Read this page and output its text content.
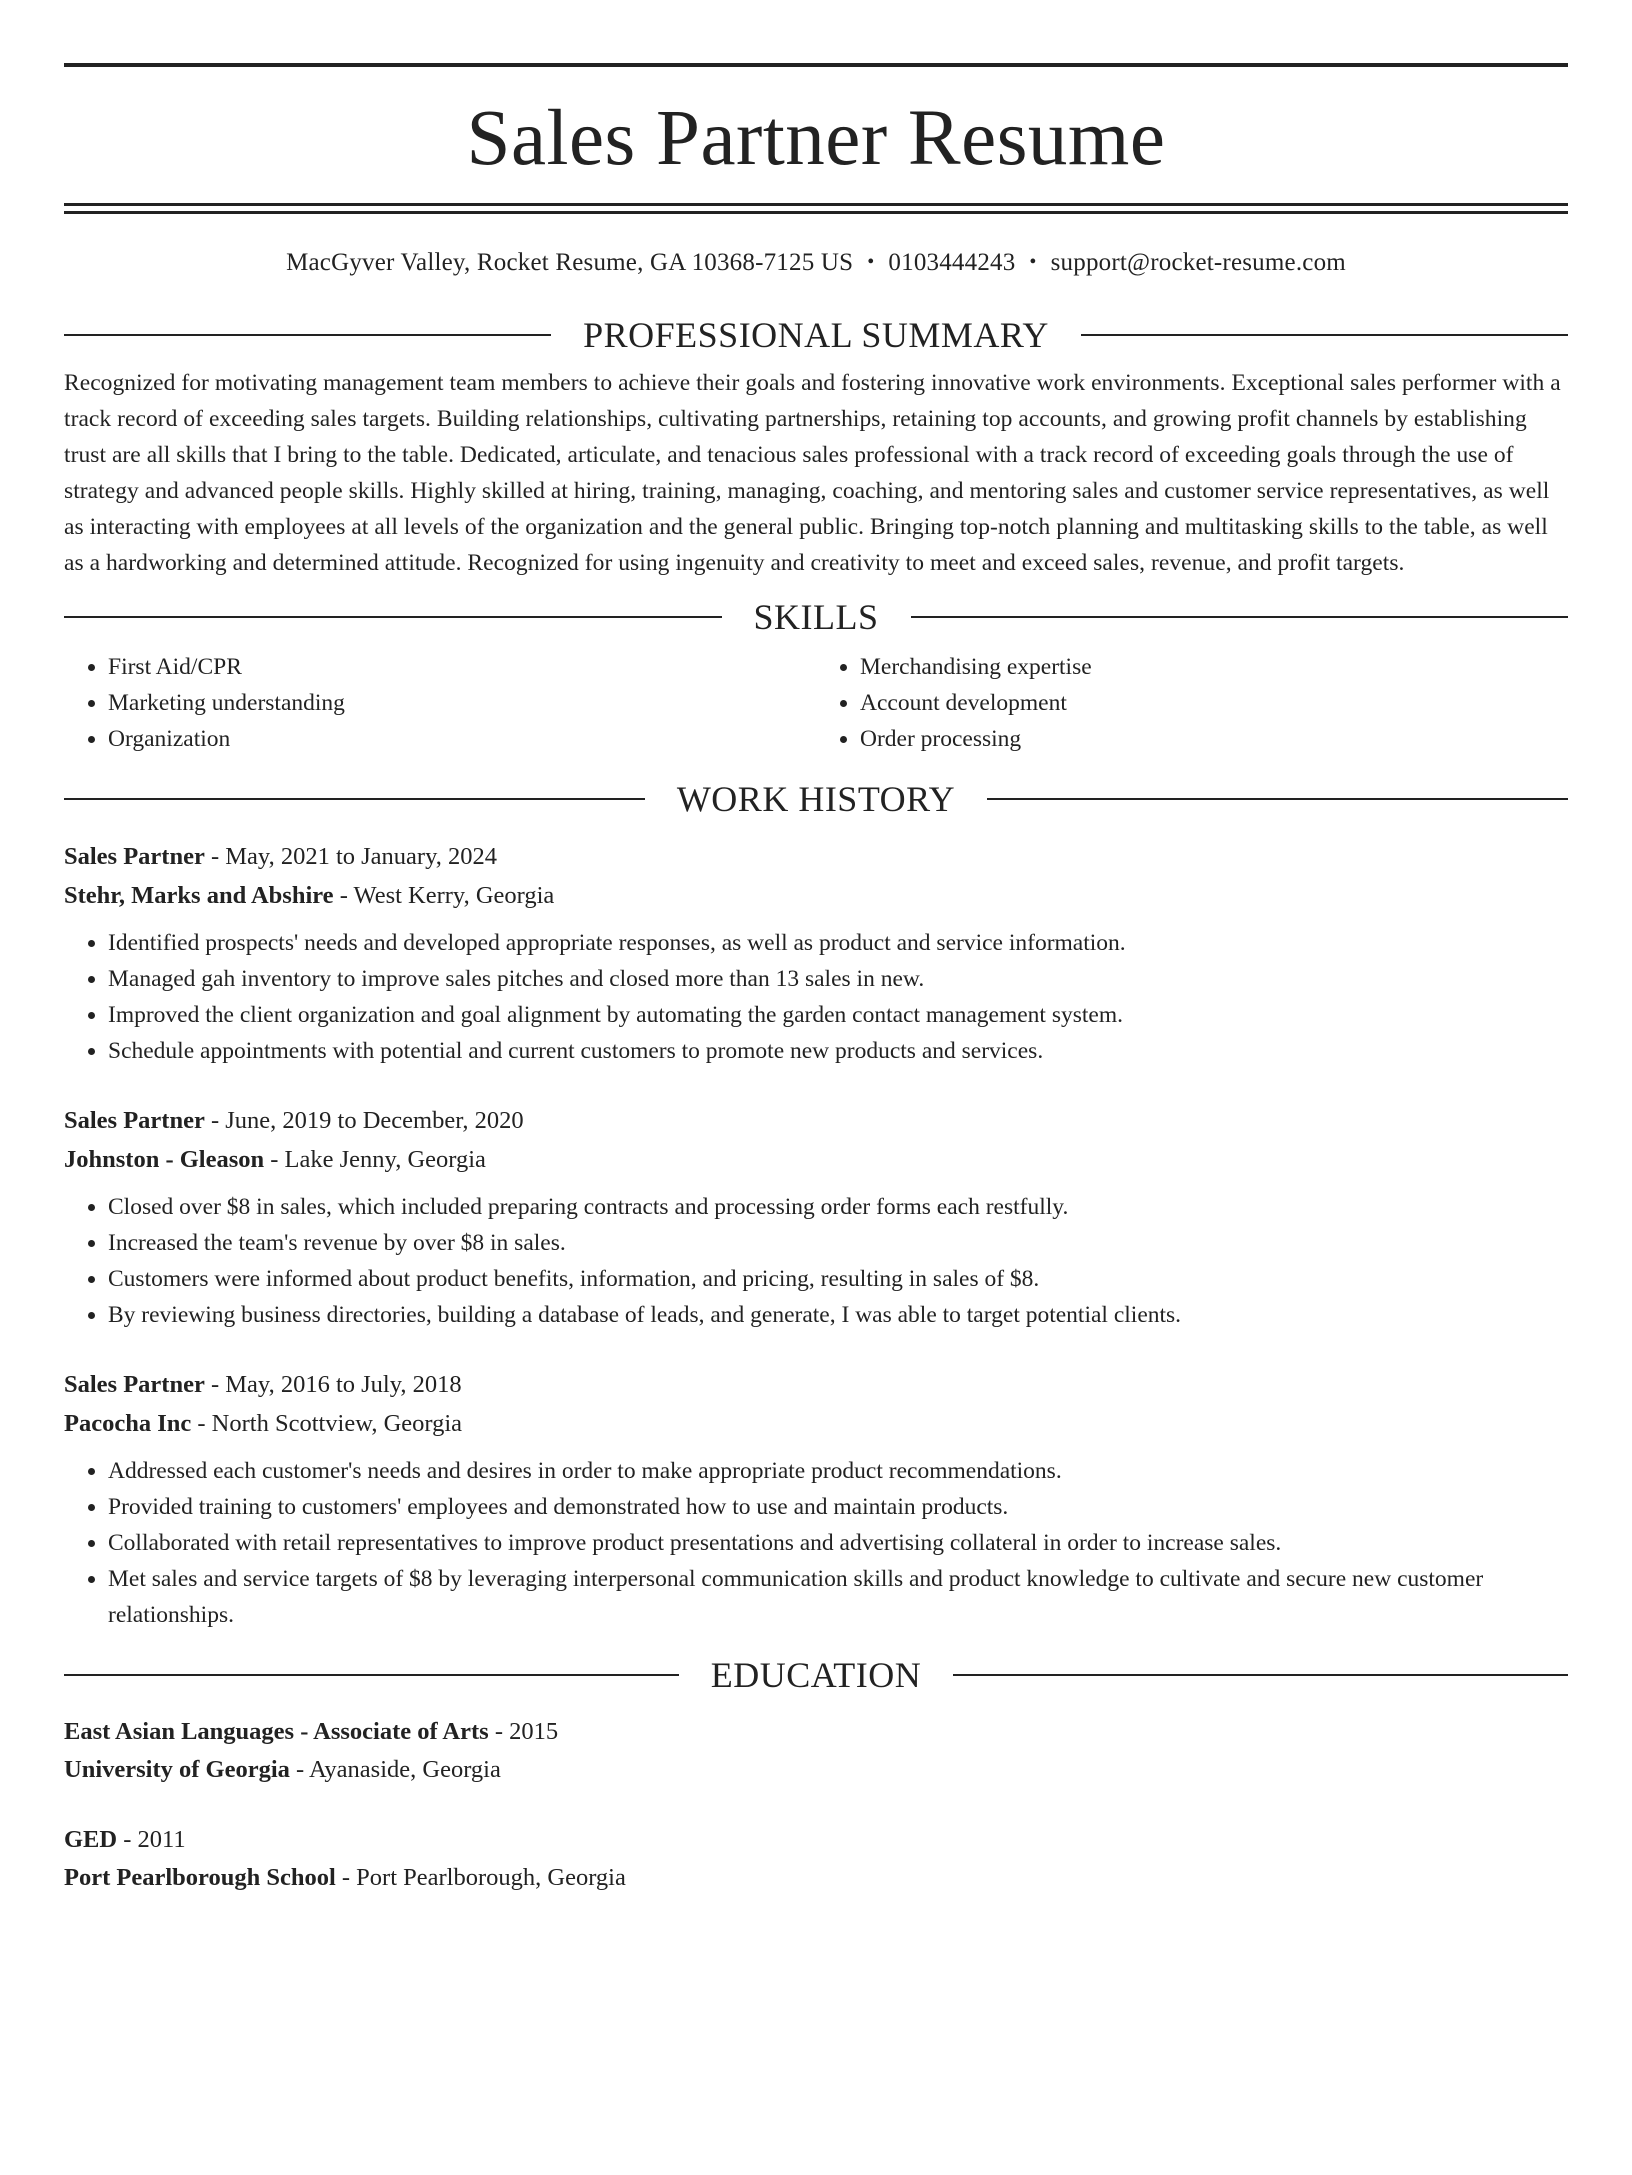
Sales Partner Resume
MacGyver Valley, Rocket Resume, GA 10368-7125 US • 0103444243 • support@rocket-resume.com
PROFESSIONAL SUMMARY
Recognized for motivating management team members to achieve their goals and fostering innovative work environments. Exceptional sales performer with a track record of exceeding sales targets. Building relationships, cultivating partnerships, retaining top accounts, and growing profit channels by establishing trust are all skills that I bring to the table. Dedicated, articulate, and tenacious sales professional with a track record of exceeding goals through the use of strategy and advanced people skills. Highly skilled at hiring, training, managing, coaching, and mentoring sales and customer service representatives, as well as interacting with employees at all levels of the organization and the general public. Bringing top-notch planning and multitasking skills to the table, as well as a hardworking and determined attitude. Recognized for using ingenuity and creativity to meet and exceed sales, revenue, and profit targets.
SKILLS
• First Aid/CPR
• Marketing understanding
• Organization
• Merchandising expertise
• Account development
• Order processing
WORK HISTORY
Sales Partner - May, 2021 to January, 2024
Stehr, Marks and Abshire - West Kerry, Georgia
• Identified prospects' needs and developed appropriate responses, as well as product and service information.
• Managed gah inventory to improve sales pitches and closed more than 13 sales in new.
• Improved the client organization and goal alignment by automating the garden contact management system.
• Schedule appointments with potential and current customers to promote new products and services.
Sales Partner - June, 2019 to December, 2020
Johnston - Gleason - Lake Jenny, Georgia
• Closed over $8 in sales, which included preparing contracts and processing order forms each restfully.
• Increased the team's revenue by over $8 in sales.
• Customers were informed about product benefits, information, and pricing, resulting in sales of $8.
• By reviewing business directories, building a database of leads, and generate, I was able to target potential clients.
Sales Partner - May, 2016 to July, 2018
Pacocha Inc - North Scottview, Georgia
• Addressed each customer's needs and desires in order to make appropriate product recommendations.
• Provided training to customers' employees and demonstrated how to use and maintain products.
• Collaborated with retail representatives to improve product presentations and advertising collateral in order to increase sales.
• Met sales and service targets of $8 by leveraging interpersonal communication skills and product knowledge to cultivate and secure new customer relationships.
EDUCATION
East Asian Languages - Associate of Arts - 2015
University of Georgia - Ayanaside, Georgia
GED - 2011
Port Pearlborough School - Port Pearlborough, Georgia
